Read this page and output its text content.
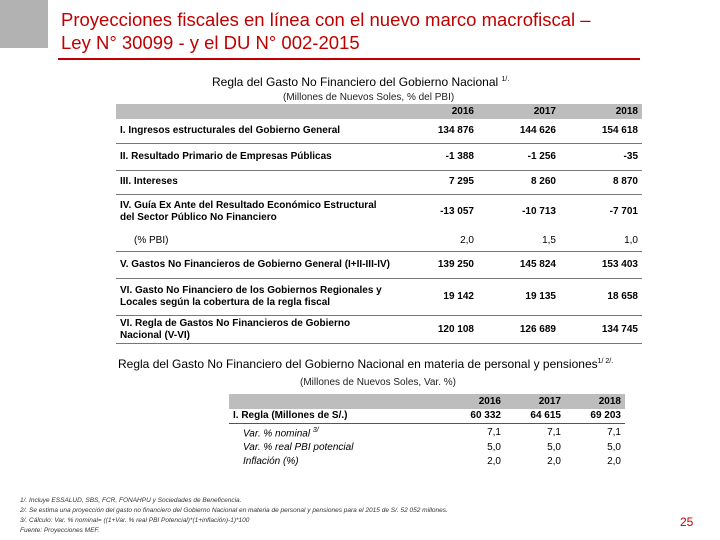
Proyecciones fiscales en línea con el nuevo marco macrofiscal –
Ley N° 30099 - y el DU N° 002-2015
Regla del Gasto No Financiero del Gobierno Nacional $^{1/.}$
(Millones de Nuevos Soles, % del PBI)
	2016	2017	2018
I. Ingresos estructurales del Gobierno General	134 876	144 626	154 618
II. Resultado Primario de Empresas Públicas	-1 388	-1 256	-35
III. Intereses	7 295	8 260	8 870
IV. Guía Ex Ante del Resultado Económico Estructural del Sector Público No Financiero	-13 057	-10 713	-7 701
(% PBI)	2,0	1,5	1,0
V. Gastos No Financieros de Gobierno General (I+II-III-IV)	139 250	145 824	153 403
VI. Gasto No Financiero de los Gobiernos Regionales y Locales según la cobertura de la regla fiscal	19 142	19 135	18 658
VI. Regla de Gastos No Financieros de Gobierno Nacional (V-VI)	120 108	126 689	134 745
Regla del Gasto No Financiero del Gobierno Nacional en materia de personal y pensiones$^{1/ 2/.}$
(Millones de Nuevos Soles, Var. %)
	2016	2017	2018
I. Regla (Millones de S/.)	60 332	64 615	69 203
Var. % nominal $^{3/}$	7,1	7,1	7,1
Var. % real PBI potencial	5,0	5,0	5,0
Inflación (%)	2,0	2,0	2,0
1/. Incluye ESSALUD, SBS, FCR, FONAHPU y Sociedades de Beneficencia.
2/. Se estima una proyección del gasto no financiero del Gobierno Nacional en materia de personal y pensiones para el 2015 de S/. 52 052 millones.
3/. Cálculo: Var. % nominal= ((1+Var. % real PBI Potencial)*(1+inflación)-1)*100
Fuente: Proyecciones MEF.
25
